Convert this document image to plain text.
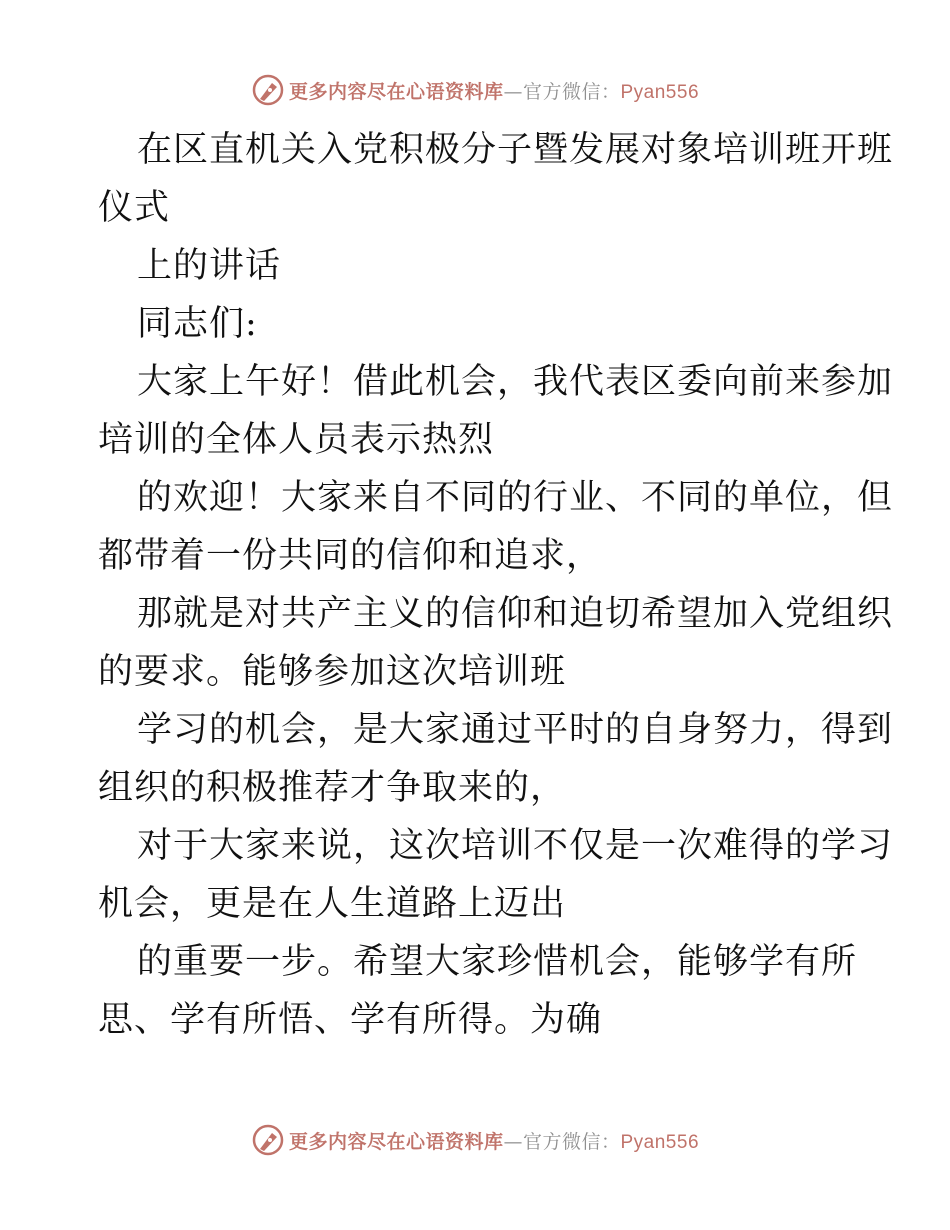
更多内容尽在心语资料库—官方微信：Pyan556
在区直机关入党积极分子暨发展对象培训班开班
仪式
上的讲话
同志们:
大家上午好！借此机会，我代表区委向前来参加
培训的全体人员表示热烈
的欢迎！大家来自不同的行业、不同的单位，但
都带着一份共同的信仰和追求，
那就是对共产主义的信仰和迫切希望加入党组织
的要求。能够参加这次培训班
学习的机会，是大家通过平时的自身努力，得到
组织的积极推荐才争取来的，
对于大家来说，这次培训不仅是一次难得的学习
机会，更是在人生道路上迈出
的重要一步。希望大家珍惜机会，能够学有所
思、学有所悟、学有所得。为确
更多内容尽在心语资料库—官方微信：Pyan556
